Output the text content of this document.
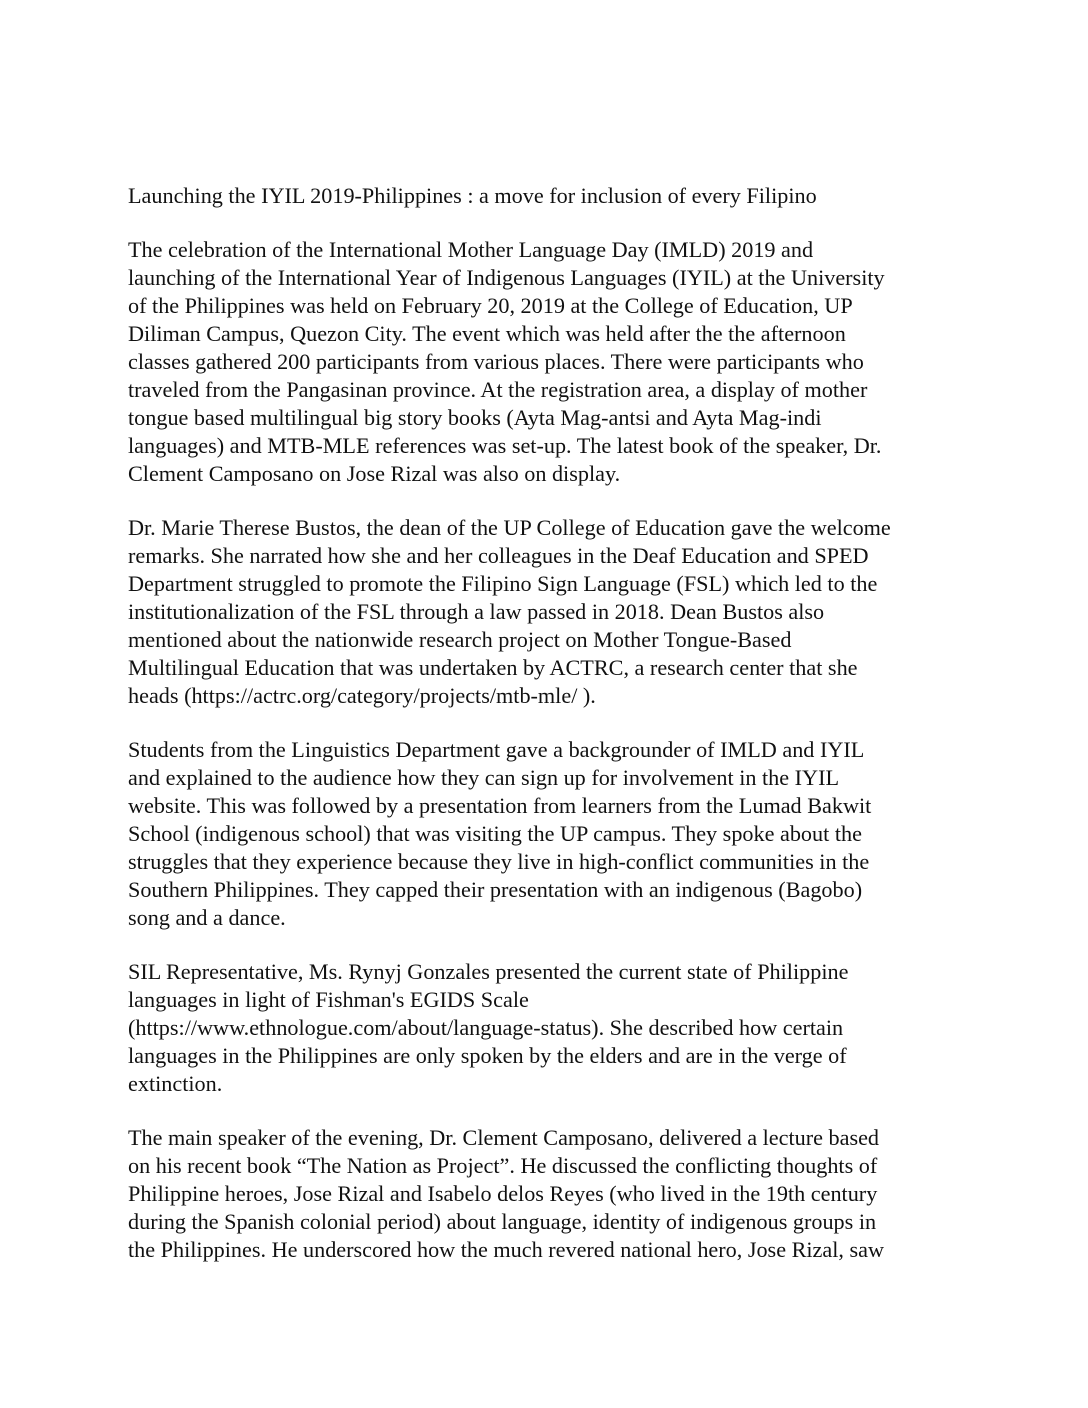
Launching the IYIL 2019-Philippines : a move for inclusion of every Filipino

The celebration of the International Mother Language Day (IMLD) 2019 and
launching of the International Year of Indigenous Languages (IYIL) at the University
of the Philippines was held on February 20, 2019 at the College of Education, UP
Diliman Campus, Quezon City. The event which was held after the the afternoon
classes gathered 200 participants from various places. There were participants who
traveled from the Pangasinan province. At the registration area, a display of mother
tongue based multilingual big story books (Ayta Mag-antsi and Ayta Mag-indi
languages) and MTB-MLE references was set-up. The latest book of the speaker, Dr.
Clement Camposano on Jose Rizal was also on display.

Dr. Marie Therese Bustos, the dean of the UP College of Education gave the welcome
remarks. She narrated how she and her colleagues in the Deaf Education and SPED
Department struggled to promote the Filipino Sign Language (FSL) which led to the
institutionalization of the FSL through a law passed in 2018. Dean Bustos also
mentioned about the nationwide research project on Mother Tongue-Based
Multilingual Education that was undertaken by ACTRC, a research center that she
heads (https://actrc.org/category/projects/mtb-mle/ ).

Students from the Linguistics Department gave a backgrounder of IMLD and IYIL
and explained to the audience how they can sign up for involvement in the IYIL
website. This was followed by a presentation from learners from the Lumad Bakwit
School (indigenous school) that was visiting the UP campus. They spoke about the
struggles that they experience because they live in high-conflict communities in the
Southern Philippines. They capped their presentation with an indigenous (Bagobo)
song and a dance.

SIL Representative, Ms. Rynyj Gonzales presented the current state of Philippine
languages in light of Fishman's EGIDS Scale
(https://www.ethnologue.com/about/language-status). She described how certain
languages in the Philippines are only spoken by the elders and are in the verge of
extinction.

The main speaker of the evening, Dr. Clement Camposano, delivered a lecture based
on his recent book “The Nation as Project”. He discussed the conflicting thoughts of
Philippine heroes, Jose Rizal and Isabelo delos Reyes (who lived in the 19th century
during the Spanish colonial period) about language, identity of indigenous groups in
the Philippines. He underscored how the much revered national hero, Jose Rizal, saw
